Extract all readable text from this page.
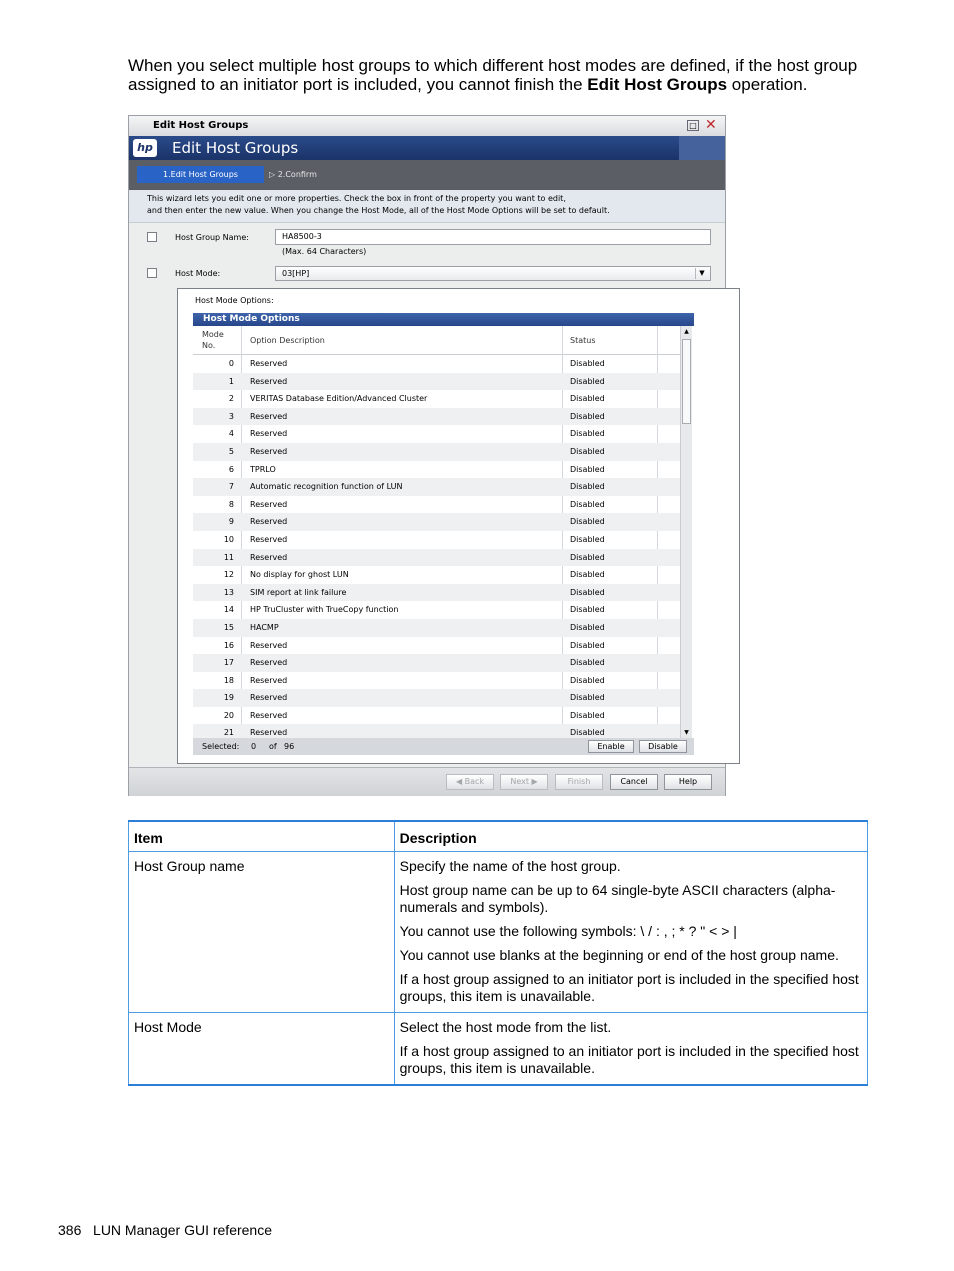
When you select multiple host groups to which different host modes are defined, if the host group assigned to an initiator port is included, you cannot finish the Edit Host Groups operation.
Edit Host Groups	□ ✕
hp Edit Host Groups
1.Edit Host Groups	▷ 2.Confirm
This wizard lets you edit one or more properties. Check the box in front of the property you want to edit,
and then enter the new value. When you change the Host Mode, all of the Host Mode Options will be set to default.
Host Group Name:	HA8500-3
(Max. 64 Characters)
Host Mode:	03[HP]	▼
Host Mode Options:
Host Mode Options
Mode
No.
Option Description	Status
0 Reserved	Disabled
1 Reserved	Disabled
2 VERITAS Database Edition/Advanced Cluster	Disabled
3 Reserved	Disabled
4 Reserved	Disabled
5 Reserved	Disabled
6 TPRLO	Disabled
7 Automatic recognition function of LUN	Disabled
8 Reserved	Disabled
9 Reserved	Disabled
10 Reserved	Disabled
11 Reserved	Disabled
12 No display for ghost LUN	Disabled
13 SIM report at link failure	Disabled
14 HP TruCluster with TrueCopy function	Disabled
15 HACMP	Disabled
16 Reserved	Disabled
17 Reserved	Disabled
18 Reserved	Disabled
19 Reserved	Disabled
20 Reserved	Disabled
21 Reserved	Disabled
▲
▼
Selected: 0 of 96	Enable	Disable
◀ Back	Next ▶	Finish	Cancel	Help
Item	Description
Host Group name	Specify the name of the host group.

Host group name can be up to 64 single-byte ASCII characters (alpha-numerals and symbols).

You cannot use the following symbols: \ / : , ; * ? " < > |

You cannot use blanks at the beginning or end of the host group name.

If a host group assigned to an initiator port is included in the specified host groups, this item is unavailable.

Host Mode	Select the host mode from the list.

If a host group assigned to an initiator port is included in the specified host groups, this item is unavailable.

386 LUN Manager GUI reference
